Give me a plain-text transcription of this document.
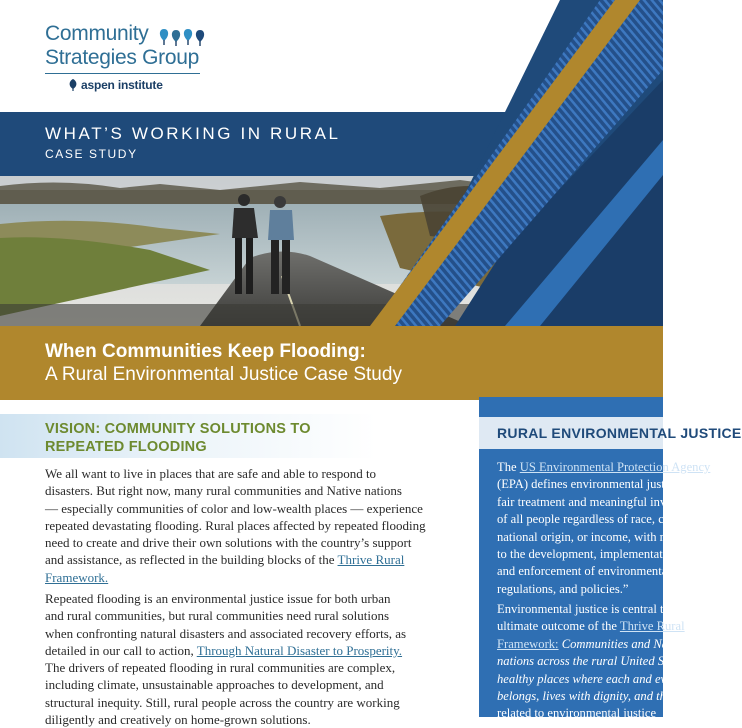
Community
Strategies Group
aspen institute
WHAT’S WORKING IN RURAL
CASE STUDY
When Communities Keep Flooding:
A Rural Environmental Justice Case Study
VISION: COMMUNITY SOLUTIONS TO
REPEATED FLOODING

We all want to live in places that are safe and able to respond to
disasters. But right now, many rural communities and Native nations
— especially communities of color and low-wealth places — experience
repeated devastating flooding. Rural places affected by repeated flooding
need to create and drive their own solutions with the country’s support
and assistance, as reflected in the building blocks of the Thrive Rural
Framework.

Repeated flooding is an environmental justice issue for both urban
and rural communities, but rural communities need rural solutions
when confronting natural disasters and associated recovery efforts, as
detailed in our call to action, Through Natural Disaster to Prosperity.
The drivers of repeated flooding in rural communities are complex,
including climate, unsustainable approaches to development, and
structural inequity. Still, rural people across the country are working
diligently and creatively on home-grown solutions.

RURAL ENVIRONMENTAL JUSTICE

The US Environmental Protection Agency
(EPA) defines environmental justice as “the
fair treatment and meaningful involvement
of all people regardless of race, color,
national origin, or income, with respect
to the development, implementation,
and enforcement of environmental laws,
regulations, and policies.”

Environmental justice is central to the
ultimate outcome of the Thrive Rural
Framework: Communities and Native
nations across the rural United States are
healthy places where each and every person
belongs, lives with dignity, and thrives.
related to environmental justice
